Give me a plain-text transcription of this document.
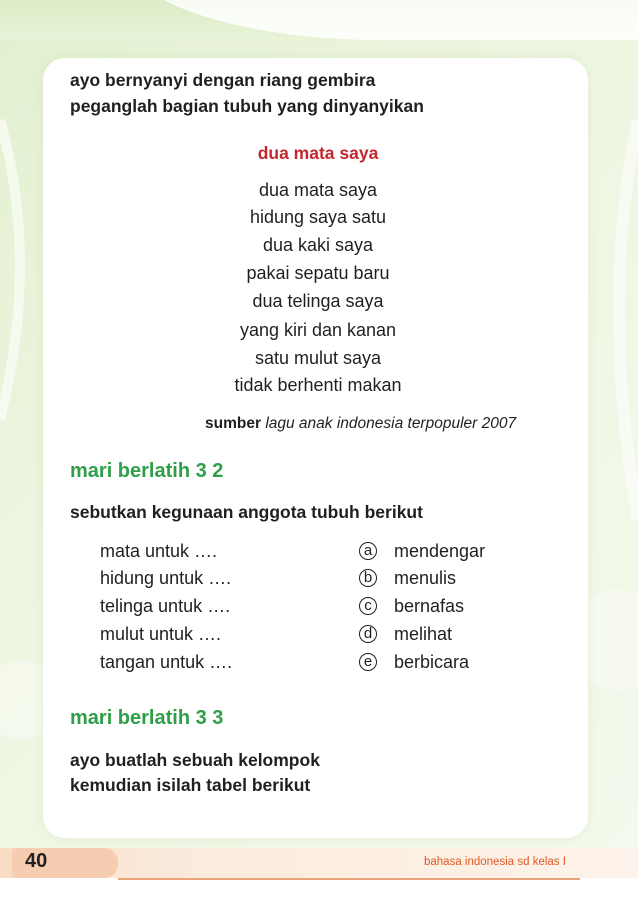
ayo bernyanyi dengan riang gembira
peganglah bagian tubuh yang dinyanyikan
dua mata saya
dua mata saya
hidung saya satu
dua kaki saya
pakai sepatu baru
dua telinga saya
yang kiri dan kanan
satu mulut saya
tidak berhenti makan
sumber lagu anak indonesia terpopuler 2007
mari berlatih 3 2
sebutkan kegunaan anggota tubuh berikut
mata untuk ….
hidung untuk ….
telinga untuk ….
mulut untuk ….
tangan untuk ….
a
b
c
d
e
mendengar
menulis
bernafas
melihat
berbicara
mari berlatih 3 3
ayo buatlah sebuah kelompok
kemudian isilah tabel berikut
40	bahasa indonesia sd kelas I
